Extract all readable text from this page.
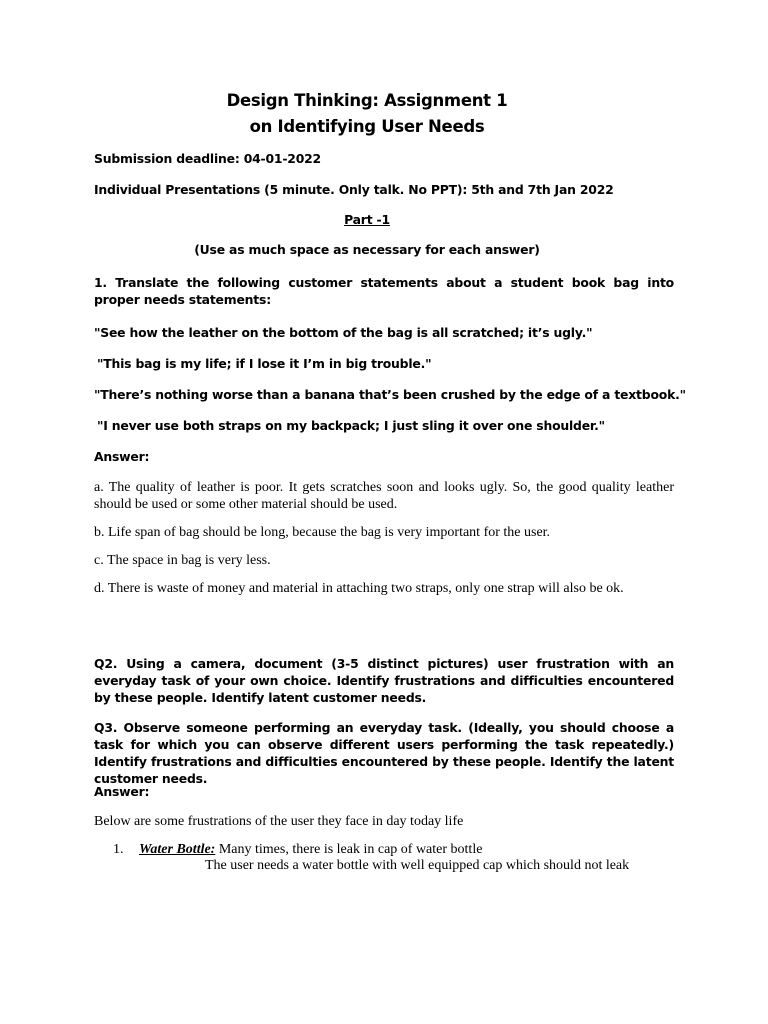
Design Thinking: Assignment 1
on Identifying User Needs
Submission deadline: 04-01-2022
Individual Presentations (5 minute. Only talk. No PPT): 5th and 7th Jan 2022
Part -1
(Use as much space as necessary for each answer)
1. Translate the following customer statements about a student book bag into proper needs statements:
"See how the leather on the bottom of the bag is all scratched; it’s ugly."
"This bag is my life; if I lose it I’m in big trouble."
"There’s nothing worse than a banana that’s been crushed by the edge of a textbook."
"I never use both straps on my backpack; I just sling it over one shoulder."
Answer:
a. The quality of leather is poor. It gets scratches soon and looks ugly. So, the good quality leather should be used or some other material should be used.
b. Life span of bag should be long, because the bag is very important for the user.
c. The space in bag is very less.
d. There is waste of money and material in attaching two straps, only one strap will also be ok.
Q2. Using a camera, document (3-5 distinct pictures) user frustration with an everyday task of your own choice. Identify frustrations and difficulties encountered by these people. Identify latent customer needs.
Q3. Observe someone performing an everyday task. (Ideally, you should choose a task for which you can observe different users performing the task repeatedly.) Identify frustrations and difficulties encountered by these people. Identify the latent customer needs.
Answer:
Below are some frustrations of the user they face in day today life
1. Water Bottle: Many times, there is leak in cap of water bottle
The user needs a water bottle with well equipped cap which should not leak
